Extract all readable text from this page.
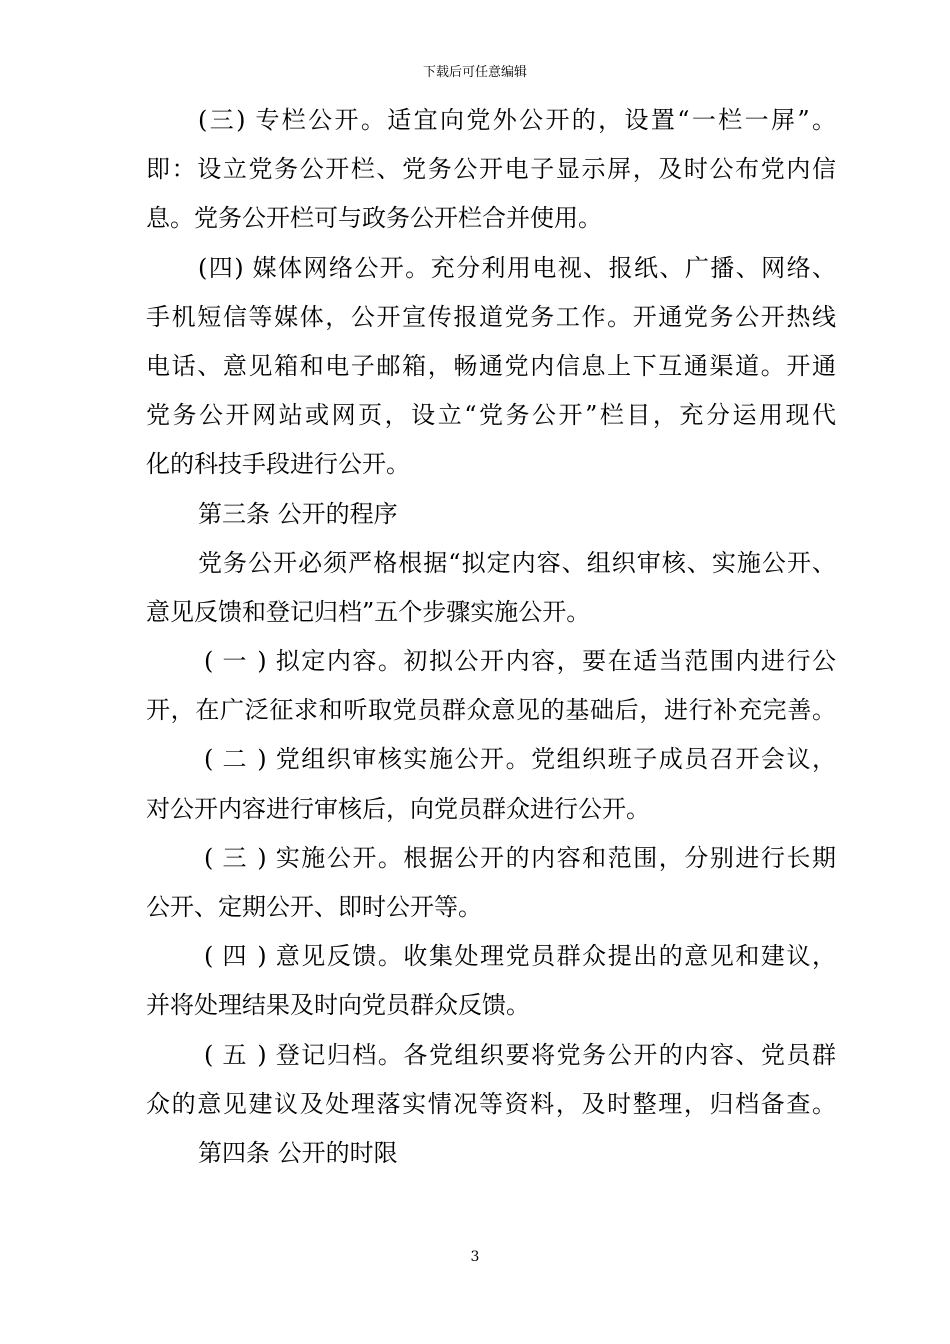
下载后可任意编辑
(三) 专栏公开。适宜向党外公开的，设置“一栏一屏”。
即：设立党务公开栏、党务公开电子显示屏，及时公布党内信
息。党务公开栏可与政务公开栏合并使用。
(四) 媒体网络公开。充分利用电视、报纸、广播、网络、
手机短信等媒体，公开宣传报道党务工作。开通党务公开热线
电话、意见箱和电子邮箱，畅通党内信息上下互通渠道。开通
党务公开网站或网页，设立“党务公开”栏目，充分运用现代
化的科技手段进行公开。
第三条 公开的程序
党务公开必须严格根据“拟定内容、组织审核、实施公开、
意见反馈和登记归档”五个步骤实施公开。
( 一 ) 拟定内容。初拟公开内容，要在适当范围内进行公
开，在广泛征求和听取党员群众意见的基础后，进行补充完善。
( 二 ) 党组织审核实施公开。党组织班子成员召开会议，
对公开内容进行审核后，向党员群众进行公开。
( 三 ) 实施公开。根据公开的内容和范围，分别进行长期
公开、定期公开、即时公开等。
( 四 ) 意见反馈。收集处理党员群众提出的意见和建议，
并将处理结果及时向党员群众反馈。
( 五 ) 登记归档。各党组织要将党务公开的内容、党员群
众的意见建议及处理落实情况等资料，及时整理，归档备查。
第四条 公开的时限
3
